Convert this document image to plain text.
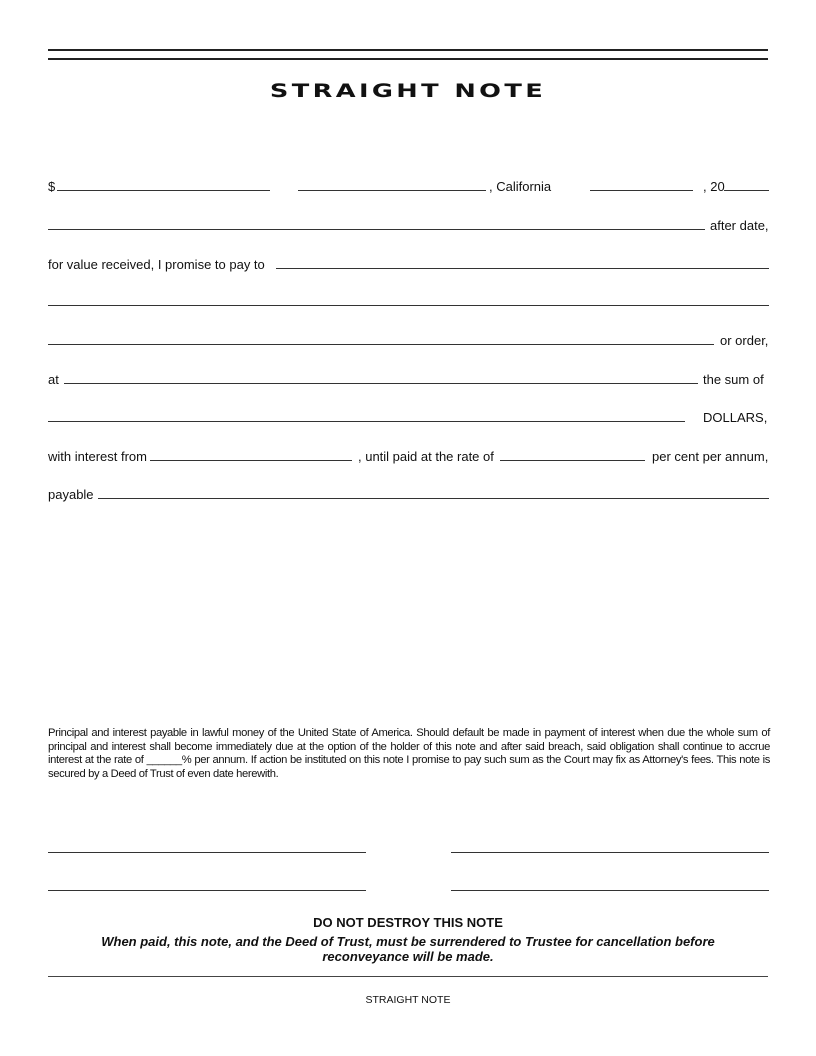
STRAIGHT NOTE
$	, California	, 20
after date,
for value received, I promise to pay to
or order,
at	the sum of
DOLLARS,
with interest from	, until paid at the rate of	per cent per annum,
payable
Principal and interest payable in lawful money of the United State of America. Should default be made in payment of interest when due the whole sum of principal and interest shall become immediately due at the option of the holder of this note and after said breach, said obligation shall continue to accrue interest at the rate of ______% per annum. If action be instituted on this note I promise to pay such sum as the Court may fix as Attorney's fees. This note is secured by a Deed of Trust of even date herewith.
DO NOT DESTROY THIS NOTE
When paid, this note, and the Deed of Trust, must be surrendered to Trustee for cancellation before reconveyance will be made.
STRAIGHT NOTE
